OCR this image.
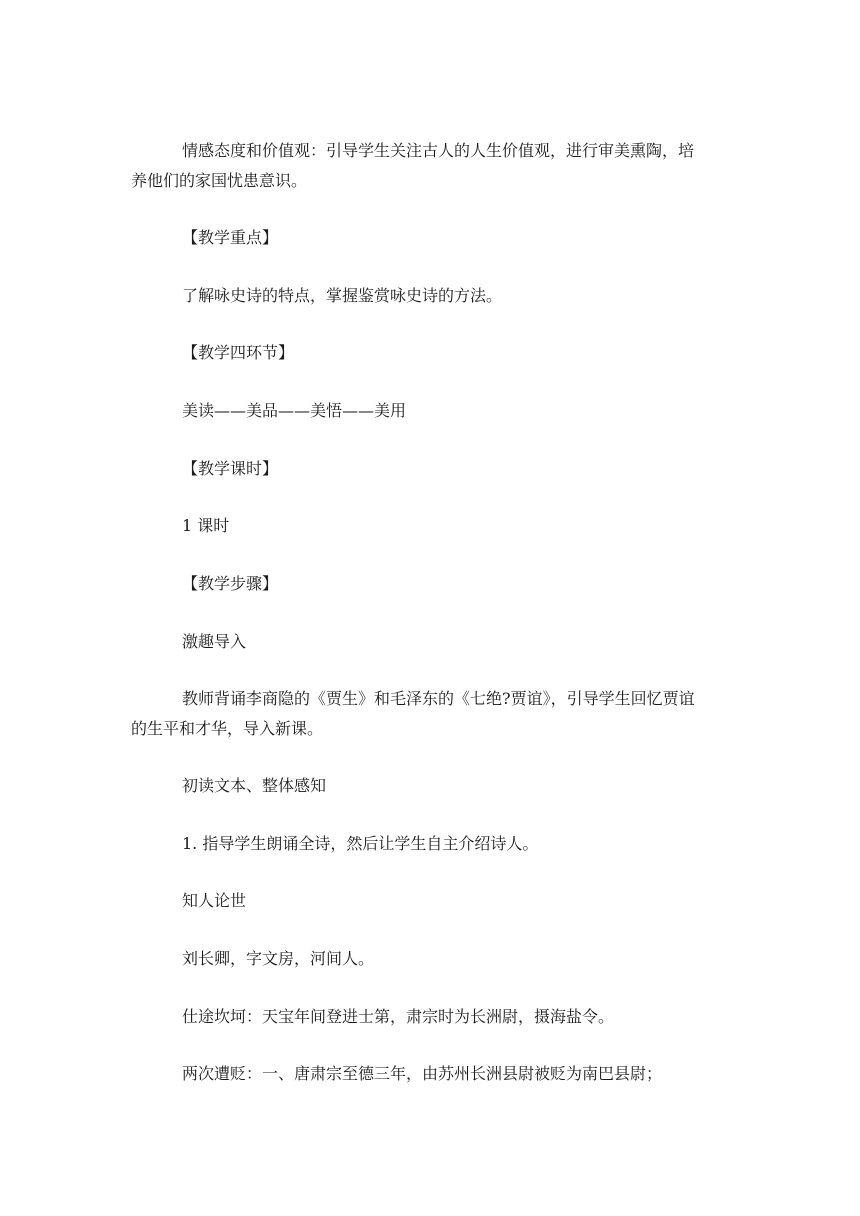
情感态度和价值观：引导学生关注古人的人生价值观，进行审美熏陶，培
养他们的家国忧患意识。

【教学重点】

了解咏史诗的特点，掌握鉴赏咏史诗的方法。

【教学四环节】

美读——美品——美悟——美用

【教学课时】

1 课时

【教学步骤】

激趣导入

教师背诵李商隐的《贾生》和毛泽东的《七绝?贾谊》，引导学生回忆贾谊
的生平和才华，导入新课。

初读文本、整体感知

1. 指导学生朗诵全诗，然后让学生自主介绍诗人。

知人论世

刘长卿，字文房，河间人。

仕途坎坷：天宝年间登进士第，肃宗时为长洲尉，摄海盐令。

两次遭贬：一、唐肃宗至德三年，由苏州长洲县尉被贬为南巴县尉；
